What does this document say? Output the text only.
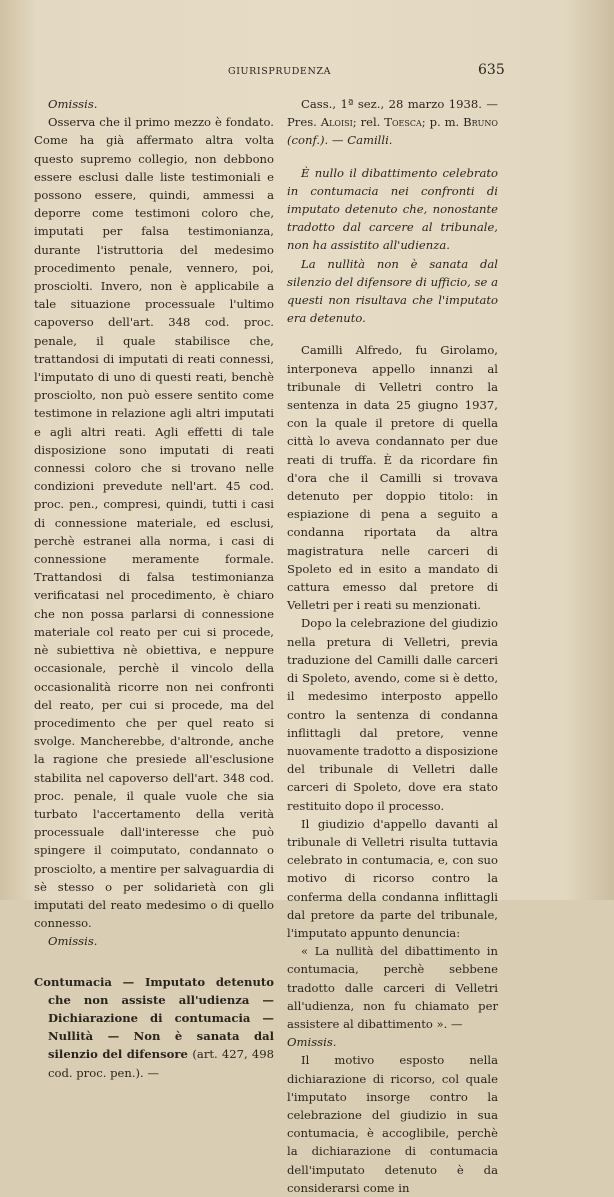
GIURISPRUDENZA	635

Omissis.

Osserva che il primo mezzo è fondato. Come ha già affermato altra volta questo supremo collegio, non debbono essere esclusi dalle liste testimoniali e possono essere, quindi, ammessi a deporre come testimoni coloro che, imputati per falsa testimonianza, durante l'istruttoria del medesimo procedimento penale, vennero, poi, prosciolti. Invero, non è applicabile a tale situazione processuale l'ultimo capoverso dell'art. 348 cod. proc. penale, il quale stabilisce che, trattandosi di imputati di reati connessi, l'imputato di uno di questi reati, benchè prosciolto, non può essere sentito come testimone in relazione agli altri imputati e agli altri reati. Agli effetti di tale disposizione sono imputati di reati connessi coloro che si trovano nelle condizioni prevedute nell'art. 45 cod. proc. pen., compresi, quindi, tutti i casi di connessione materiale, ed esclusi, perchè estranei alla norma, i casi di connessione meramente formale. Trattandosi di falsa testimonianza verificatasi nel procedimento, è chiaro che non possa parlarsi di connessione materiale col reato per cui si procede, nè subiettiva nè obiettiva, e neppure occasionale, perchè il vincolo della occasionalità ricorre non nei confronti del reato, per cui si procede, ma del procedimento che per quel reato si svolge. Mancherebbe, d'altronde, anche la ragione che presiede all'esclusione stabilita nel capoverso dell'art. 348 cod. proc. penale, il quale vuole che sia turbato l'accertamento della verità processuale dall'interesse che può spingere il coimputato, condannato o prosciolto, a mentire per salvaguardia di sè stesso o per solidarietà con gli imputati del reato medesimo o di quello connesso.

Omissis.

Contumacia — Imputato detenuto che non assiste all'udienza — Dichiarazione di contumacia — Nullità — Non è sanata dal silenzio del difensore (art. 427, 498 cod. proc. pen.). —

Cass., 1ª sez., 28 marzo 1938. — Pres. Aloisi; rel. Toesca; p. m. Bruno (conf.). — Camilli.

È nullo il dibattimento celebrato in contumacia nei confronti di imputato detenuto che, nonostante tradotto dal carcere al tribunale, non ha assistito all'udienza.

La nullità non è sanata dal silenzio del difensore di ufficio, se a questi non risultava che l'imputato era detenuto.

Camilli Alfredo, fu Girolamo, interponeva appello innanzi al tribunale di Velletri contro la sentenza in data 25 giugno 1937, con la quale il pretore di quella città lo aveva condannato per due reati di truffa. È da ricordare fin d'ora che il Camilli si trovava detenuto per doppio titolo: in espiazione di pena a seguito a condanna riportata da altra magistratura nelle carceri di Spoleto ed in esito a mandato di cattura emesso dal pretore di Velletri per i reati su menzionati.

Dopo la celebrazione del giudizio nella pretura di Velletri, previa traduzione del Camilli dalle carceri di Spoleto, avendo, come si è detto, il medesimo interposto appello contro la sentenza di condanna inflittagli dal pretore, venne nuovamente tradotto a disposizione del tribunale di Velletri dalle carceri di Spoleto, dove era stato restituito dopo il processo.

Il giudizio d'appello davanti al tribunale di Velletri risulta tuttavia celebrato in contumacia, e, con suo motivo di ricorso contro la conferma della condanna inflittagli dal pretore da parte del tribunale, l'imputato appunto denuncia:

« La nullità del dibattimento in contumacia, perchè sebbene tradotto dalle carceri di Velletri all'udienza, non fu chiamato per assistere al dibattimento ». —

Omissis.

Il motivo esposto nella dichiarazione di ricorso, col quale l'imputato insorge contro la celebrazione del giudizio in sua contumacia, è accoglibile, perchè la dichiarazione di contumacia dell'imputato detenuto è da considerarsi come in
